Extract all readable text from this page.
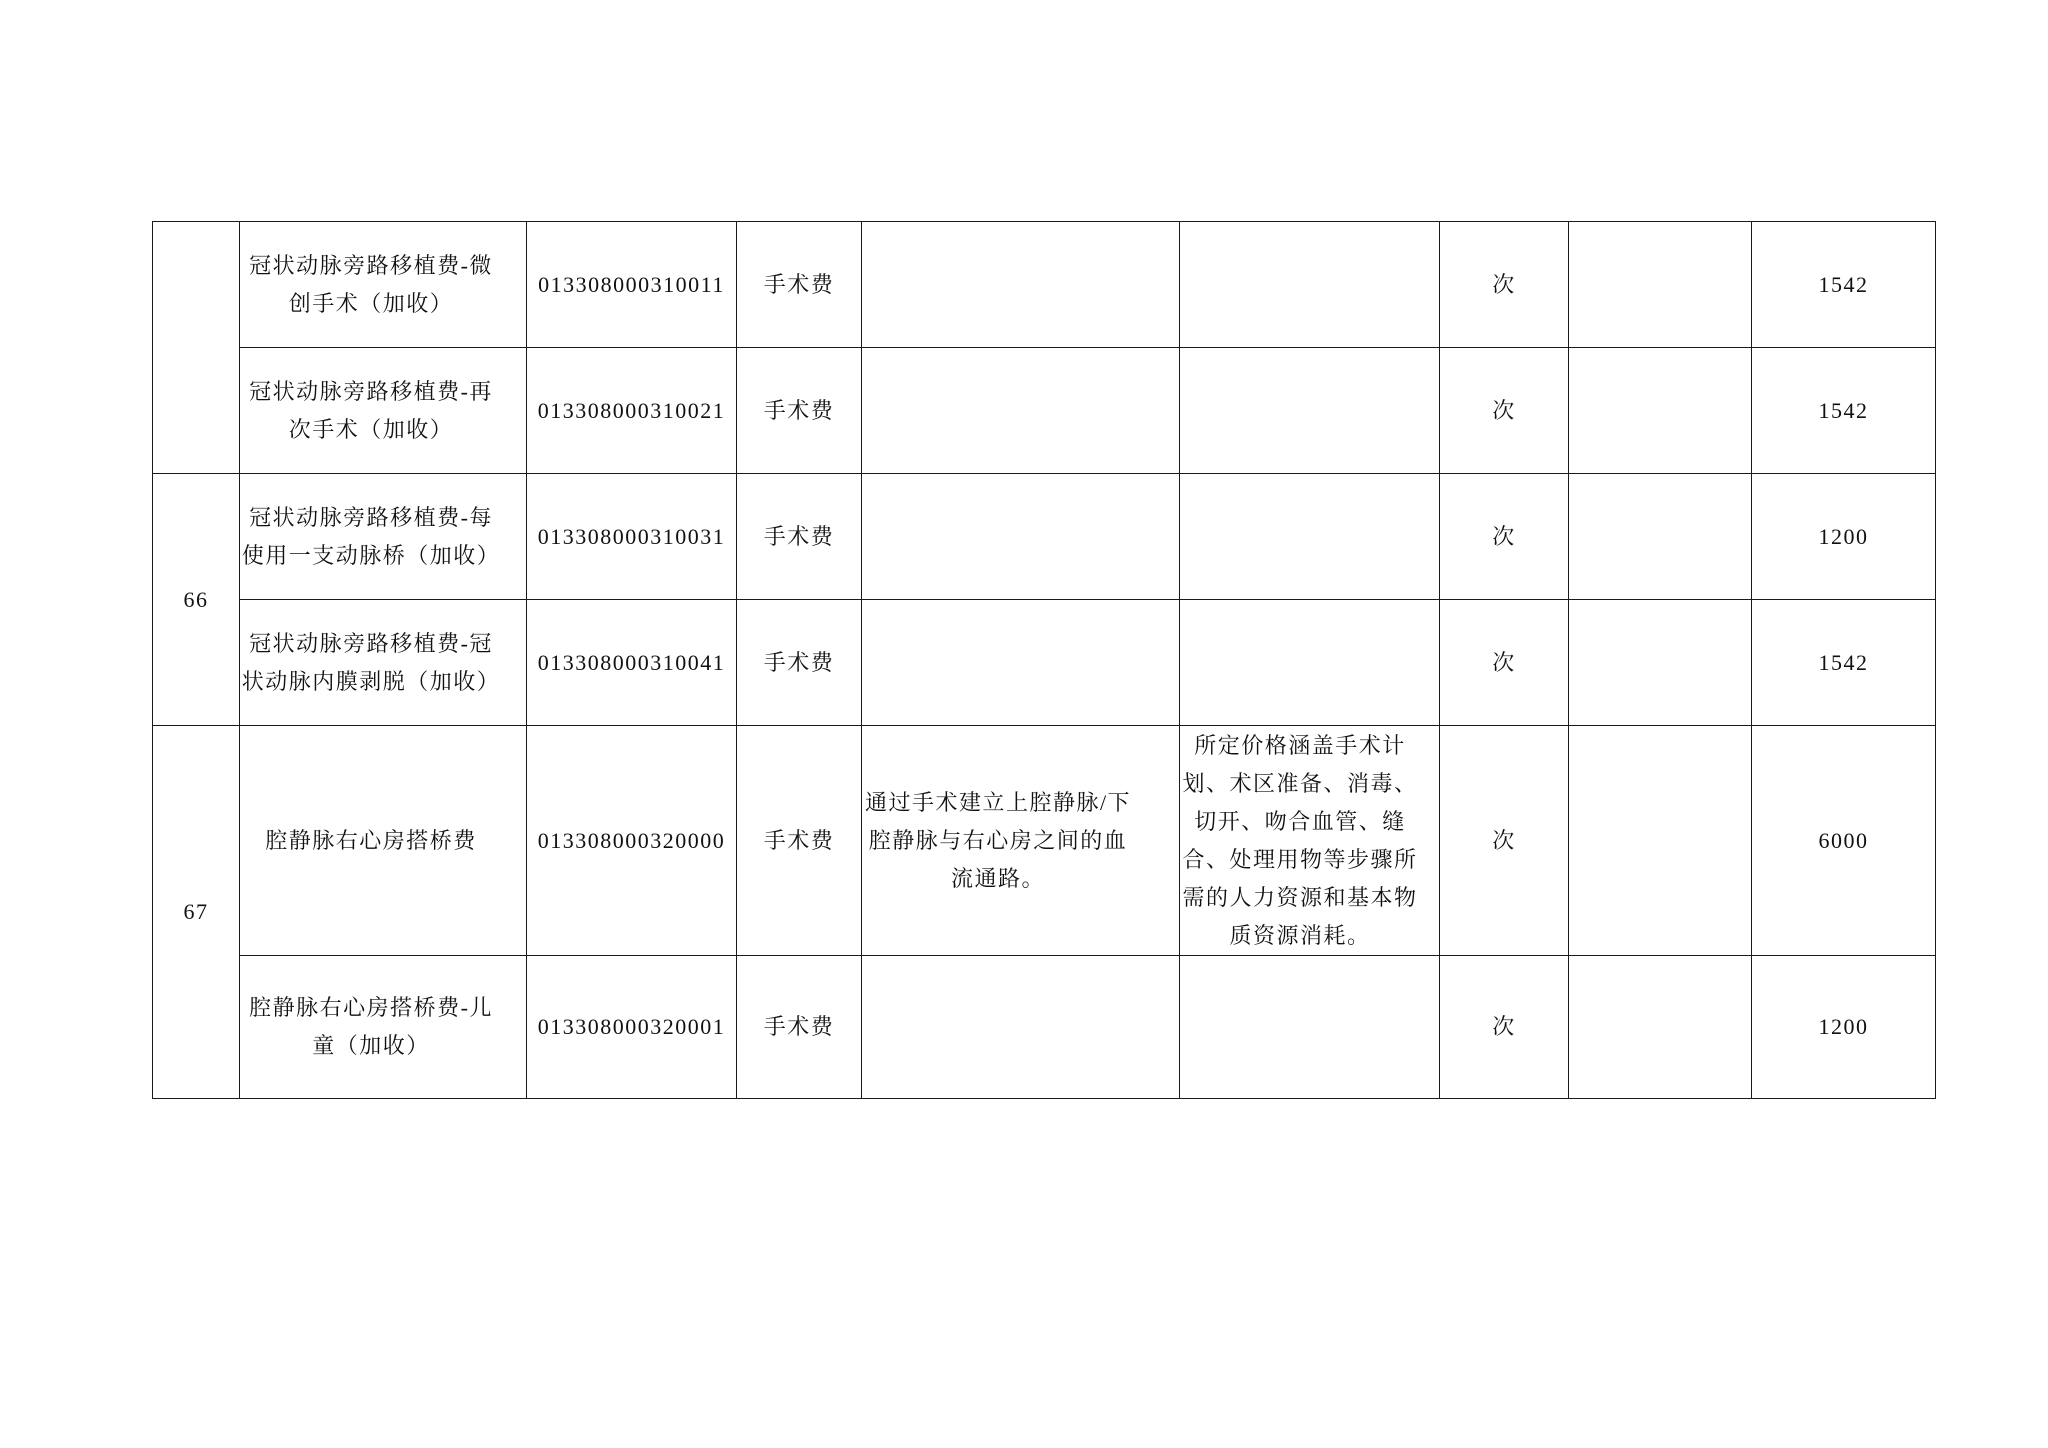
	冠状动脉旁路移植费-微创手术（加收）	013308000310011	手术费			次		1542

	冠状动脉旁路移植费-再次手术（加收）	013308000310021	手术费			次		1542
66	冠状动脉旁路移植费-每使用一支动脉桥（加收）	013308000310031	手术费			次		1200

	冠状动脉旁路移植费-冠状动脉内膜剥脱（加收）	013308000310041	手术费			次		1542
67	腔静脉右心房搭桥费	013308000320000	手术费	通过手术建立上腔静脉/下腔静脉与右心房之间的血流通路。	所定价格涵盖手术计划、术区准备、消毒、切开、吻合血管、缝合、处理用物等步骤所需的人力资源和基本物质资源消耗。	次		6000

	腔静脉右心房搭桥费-儿童（加收）	013308000320001	手术费			次		1200
